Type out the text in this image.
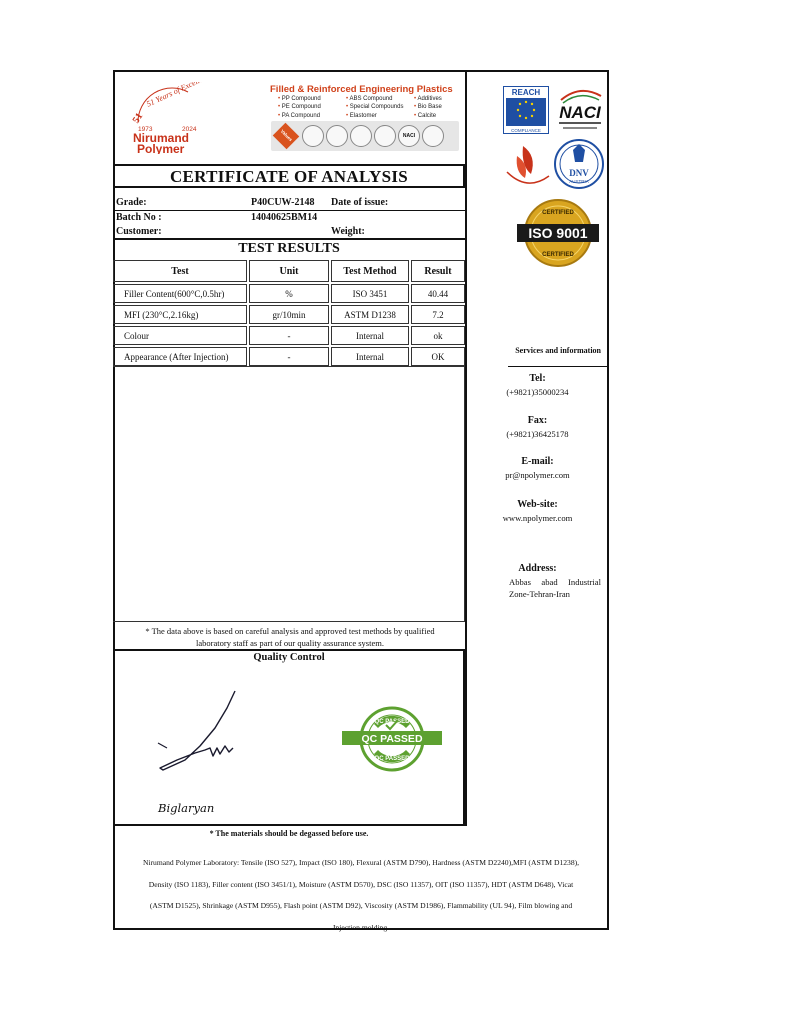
51
51 Years of Excellence
1973	2024
Nirumand
Polymer
Filled & Reinforced Engineering Plastics
• PP Compound	• ABS Compound	• Additives
• PE Compound	• Special Compounds • Bio Base
• PA Compound	• Elastomer	• Calcite
Values	NACI
CERTIFICATE OF ANALYSIS
Grade:	P40CUW-2148 Date of issue:
Batch No :	14040625BM14
Customer:	Weight:
TEST RESULTS
Test	Unit	Test Method	Result
Filler Content(600°C,0.5hr)	%	ISO 3451	40.44
MFI (230°C,2.16kg)	gr/10min	ASTM D1238	7.2
Colour	-	Internal	ok
Appearance (After Injection)	-	Internal	OK
* The data above is based on careful analysis and approved test methods by qualified
laboratory staff as part of our quality assurance system.
Quality Control
Biglaryan
QC PASSED
QC PASSED
QC PASSED
* The materials should be degassed before use.
Nirumand Polymer Laboratory: Tensile (ISO 527), Impact (ISO 180), Flexural (ASTM D790), Hardness (ASTM D2240),MFI (ASTM D1238),
Density (ISO 1183), Filler content (ISO 3451/1), Moisture (ASTM D570), DSC (ISO 11357), OIT (ISO 11357), HDT (ASTM D648), Vicat
(ASTM D1525), Shrinkage (ASTM D955), Flash point (ASTM D92), Viscosity (ASTM D1986), Flammability (UL 94), Film blowing and
Injection molding.
REACH
COMPLIANCE
NACI
DNV
AUSTRIA
CERTIFIED
ISO 9001
CERTIFIED
Services and information
Tel:
(+9821)35000234
Fax:
(+9821)36425178
E-mail:
pr@npolymer.com
Web-site:
www.npolymer.com
Address:
Abbas abad Industrial Zone-Tehran-Iran
